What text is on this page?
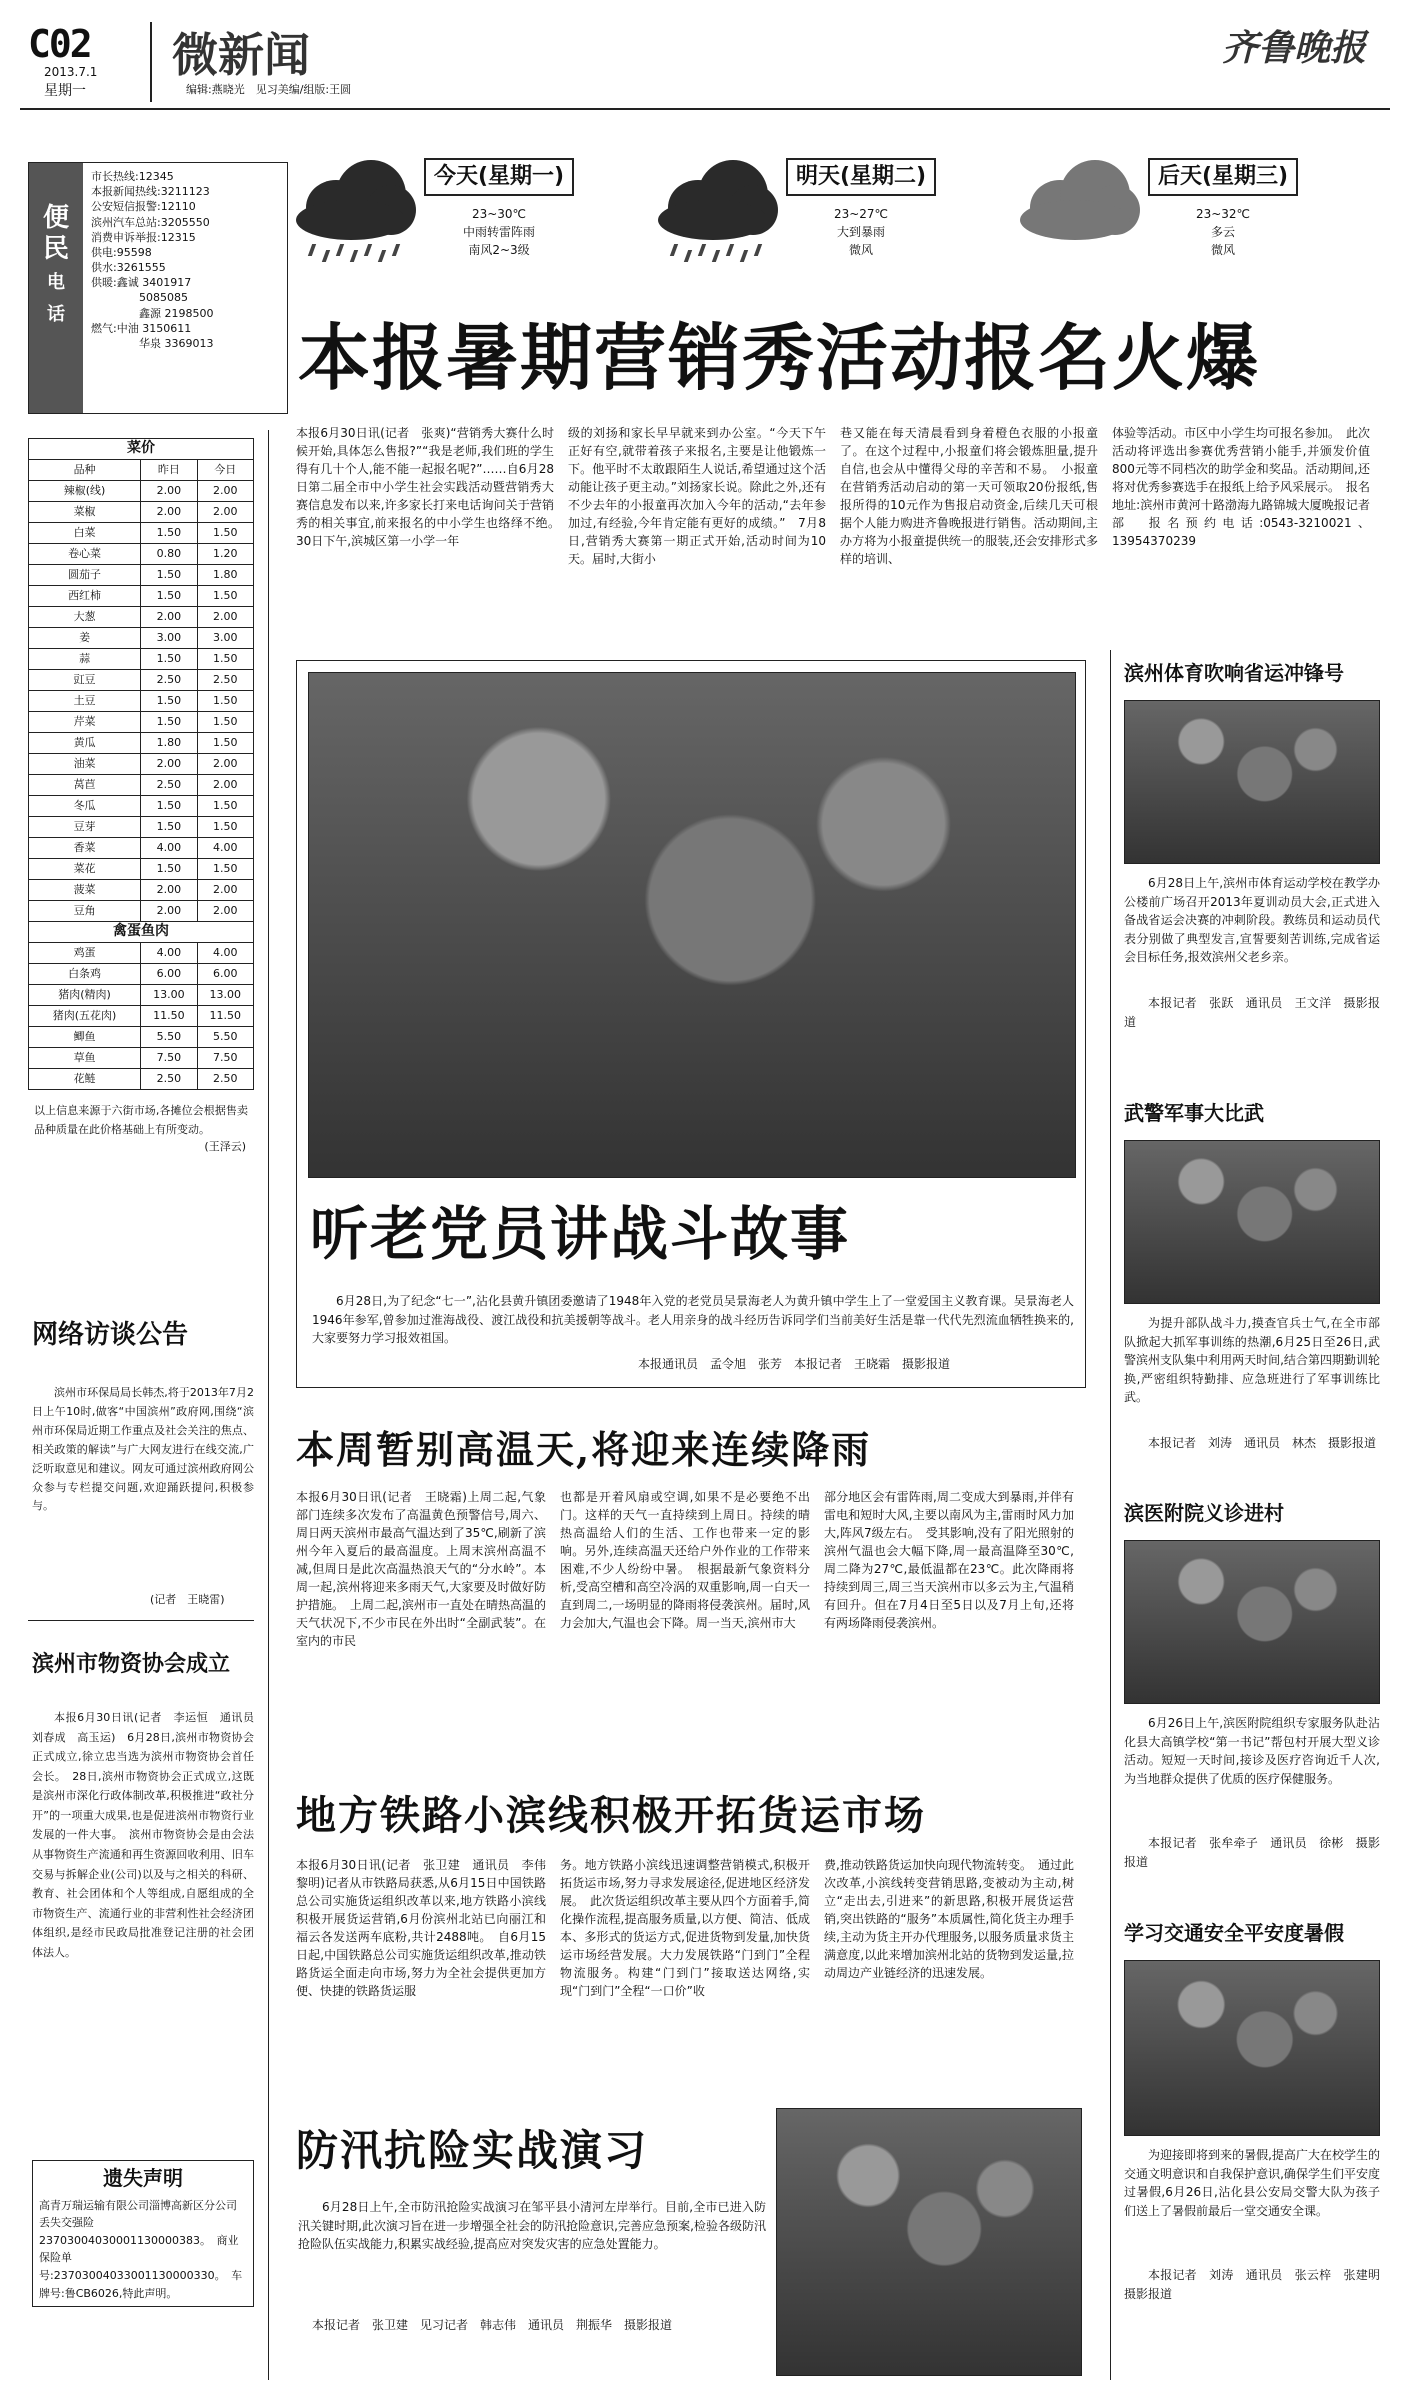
C02
2013.7.1
星期一
微新闻
编辑:燕晓光　见习美编/组版:王圆
齐鲁晚报
便
民
电
话
市长热线:12345
本报新闻热线:3211123
公安短信报警:12110
滨州汽车总站:3205550
消费申诉举报:12315
供电:95598
供水:3261555
供暖:鑫诚 3401917
5085085
鑫源 2198500
燃气:中油 3150611
华泉 3369013
今天(星期一)
23~30℃
中雨转雷阵雨
南风2~3级
明天(星期二)
23~27℃
大到暴雨
微风
后天(星期三)
23~32℃
多云
微风
本报暑期营销秀活动报名火爆

本报6月30日讯(记者　张爽)“营销秀大赛什么时候开始,具体怎么售报?”“我是老师,我们班的学生得有几十个人,能不能一起报名呢?”……自6月28日第二届全市中小学生社会实践活动暨营销秀大赛信息发布以来,许多家长打来电话询问关于营销秀的相关事宜,前来报名的中小学生也络绎不绝。　30日下午,滨城区第一小学一年

级的刘扬和家长早早就来到办公室。“今天下午正好有空,就带着孩子来报名,主要是让他锻炼一下。他平时不太敢跟陌生人说话,希望通过这个活动能让孩子更主动。”刘扬家长说。除此之外,还有不少去年的小报童再次加入今年的活动,“去年参加过,有经验,今年肯定能有更好的成绩。”　7月8日,营销秀大赛第一期正式开始,活动时间为10天。届时,大街小

巷又能在每天清晨看到身着橙色衣服的小报童了。在这个过程中,小报童们将会锻炼胆量,提升自信,也会从中懂得父母的辛苦和不易。　小报童在营销秀活动启动的第一天可领取20份报纸,售报所得的10元作为售报启动资金,后续几天可根据个人能力购进齐鲁晚报进行销售。活动期间,主办方将为小报童提供统一的服装,还会安排形式多样的培训、

体验等活动。市区中小学生均可报名参加。　此次活动将评选出参赛优秀营销小能手,并颁发价值800元等不同档次的助学金和奖品。活动期间,还将对优秀参赛选手在报纸上给予风采展示。　报名地址:滨州市黄河十路渤海九路锦城大厦晚报记者部　报名预约电话:0543-3210021、13954370239

菜价		
品种	昨日	今日
辣椒(线)	2.00	2.00
菜椒	2.00	2.00
白菜	1.50	1.50
卷心菜	0.80	1.20
圆茄子	1.50	1.80
西红柿	1.50	1.50
大葱	2.00	2.00
姜	3.00	3.00
蒜	1.50	1.50
豇豆	2.50	2.50
土豆	1.50	1.50
芹菜	1.50	1.50
黄瓜	1.80	1.50
油菜	2.00	2.00
莴苣	2.50	2.00
冬瓜	1.50	1.50
豆芽	1.50	1.50
香菜	4.00	4.00
菜花	1.50	1.50
菠菜	2.00	2.00
豆角	2.00	2.00
禽蛋鱼肉		
鸡蛋	4.00	4.00
白条鸡	6.00	6.00
猪肉(精肉)	13.00	13.00
猪肉(五花肉)	11.50	11.50
鲫鱼	5.50	5.50
草鱼	7.50	7.50
花鲢	2.50	2.50

以上信息来源于六街市场,各摊位会根据售卖品种质量在此价格基础上有所变动。

(王泽云)

网络访谈公告

滨州市环保局局长韩杰,将于2013年7月2日上午10时,做客“中国滨州”政府网,围绕“滨州市环保局近期工作重点及社会关注的焦点、相关政策的解读”与广大网友进行在线交流,广泛听取意见和建议。网友可通过滨州政府网公众参与专栏提交问题,欢迎踊跃提问,积极参与。

(记者　王晓雷)

滨州市物资协会成立

本报6月30日讯(记者　李运恒　通讯员　刘春成　高玉运)　6月28日,滨州市物资协会正式成立,徐立忠当选为滨州市物资协会首任会长。　28日,滨州市物资协会正式成立,这既是滨州市深化行政体制改革,积极推进“政社分开”的一项重大成果,也是促进滨州市物资行业发展的一件大事。　滨州市物资协会是由会法从事物资生产流通和再生资源回收利用、旧车交易与拆解企业(公司)以及与之相关的科研、教育、社会团体和个人等组成,自愿组成的全市物资生产、流通行业的非营利性社会经济团体组织,是经市民政局批准登记注册的社会团体法人。

遗失声明

高青万瑞运输有限公司淄博高新区分公司丢失交强险23703004030001130000383。　商业保险单号:23703004033001130000330。　车牌号:鲁CB6026,特此声明。

听老党员讲战斗故事

6月28日,为了纪念“七一”,沾化县黄升镇团委邀请了1948年入党的老党员吴景海老人为黄升镇中学生上了一堂爱国主义教育课。吴景海老人1946年参军,曾参加过淮海战役、渡江战役和抗美援朝等战斗。老人用亲身的战斗经历告诉同学们当前美好生活是靠一代代先烈流血牺牲换来的,大家要努力学习报效祖国。

本报通讯员　孟令旭　张芳　本报记者　王晓霜　摄影报道

本周暂别高温天,将迎来连续降雨

本报6月30日讯(记者　王晓霜)上周二起,气象部门连续多次发布了高温黄色预警信号,周六、周日两天滨州市最高气温达到了35℃,刷新了滨州今年入夏后的最高温度。上周末滨州高温不减,但周日是此次高温热浪天气的“分水岭”。本周一起,滨州将迎来多雨天气,大家要及时做好防护措施。　上周二起,滨州市一直处在晴热高温的天气状况下,不少市民在外出时“全副武装”。在室内的市民

也都是开着风扇或空调,如果不是必要绝不出门。这样的天气一直持续到上周日。持续的晴热高温给人们的生活、工作也带来一定的影响。另外,连续高温天还给户外作业的工作带来困难,不少人纷纷中暑。　根据最新气象资料分析,受高空槽和高空冷涡的双重影响,周一白天一直到周二,一场明显的降雨将侵袭滨州。届时,风力会加大,气温也会下降。周一当天,滨州市大

部分地区会有雷阵雨,周二变成大到暴雨,并伴有雷电和短时大风,主要以南风为主,雷雨时风力加大,阵风7级左右。　受其影响,没有了阳光照射的滨州气温也会大幅下降,周一最高温降至30℃,周二降为27℃,最低温都在23℃。此次降雨将持续到周三,周三当天滨州市以多云为主,气温稍有回升。但在7月4日至5日以及7月上旬,还将有两场降雨侵袭滨州。

地方铁路小滨线积极开拓货运市场

本报6月30日讯(记者　张卫建　通讯员　李伟　黎明)记者从市铁路局获悉,从6月15日中国铁路总公司实施货运组织改革以来,地方铁路小滨线积极开展货运营销,6月份滨州北站已向丽江和福云各发送两车底粉,共计2488吨。　自6月15日起,中国铁路总公司实施货运组织改革,推动铁路货运全面走向市场,努力为全社会提供更加方便、快捷的铁路货运服

务。地方铁路小滨线迅速调整营销模式,积极开拓货运市场,努力寻求发展途径,促进地区经济发展。　此次货运组织改革主要从四个方面着手,简化操作流程,提高服务质量,以方便、简洁、低成本、多形式的货运方式,促进货物到发量,加快货运市场经营发展。大力发展铁路“门到门”全程物流服务。构建“门到门”接取送达网络,实现“门到门”全程“一口价”收

费,推动铁路货运加快向现代物流转变。　通过此次改革,小滨线转变营销思路,变被动为主动,树立“走出去,引进来”的新思路,积极开展货运营销,突出铁路的“服务”本质属性,简化货主办理手续,主动为货主开办代理服务,以服务质量求货主满意度,以此来增加滨州北站的货物到发运量,拉动周边产业链经济的迅速发展。

防汛抗险实战演习

6月28日上午,全市防汛抢险实战演习在邹平县小清河左岸举行。目前,全市已进入防汛关键时期,此次演习旨在进一步增强全社会的防汛抢险意识,完善应急预案,检验各级防汛抢险队伍实战能力,积累实战经验,提高应对突发灾害的应急处置能力。

本报记者　张卫建　见习记者　韩志伟　通讯员　荆振华　摄影报道

滨州体育吹响省运冲锋号

6月28日上午,滨州市体育运动学校在教学办公楼前广场召开2013年夏训动员大会,正式进入备战省运会决赛的冲刺阶段。教练员和运动员代表分别做了典型发言,宣誓要刻苦训练,完成省运会目标任务,报效滨州父老乡亲。

本报记者　张跃　通讯员　王文洋　摄影报道

武警军事大比武

为提升部队战斗力,摸查官兵士气,在全市部队掀起大抓军事训练的热潮,6月25日至26日,武警滨州支队集中利用两天时间,结合第四期勤训轮换,严密组织特勤排、应急班进行了军事训练比武。

本报记者　刘涛　通讯员　林杰　摄影报道

滨医附院义诊进村

6月26日上午,滨医附院组织专家服务队赴沾化县大高镇学校“第一书记”帮包村开展大型义诊活动。短短一天时间,接诊及医疗咨询近千人次,为当地群众提供了优质的医疗保健服务。

本报记者　张牟牵子　通讯员　徐彬　摄影报道

学习交通安全平安度暑假

为迎接即将到来的暑假,提高广大在校学生的交通文明意识和自我保护意识,确保学生们平安度过暑假,6月26日,沾化县公安局交警大队为孩子们送上了暑假前最后一堂交通安全课。

本报记者　刘涛　通讯员　张云梓　张建明　摄影报道
